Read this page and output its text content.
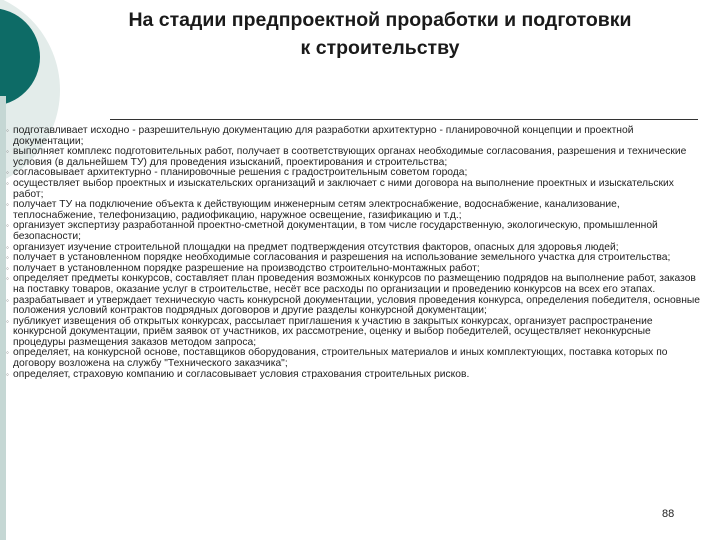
На стадии предпроектной проработки и подготовки
к строительству
◦ подготавливает исходно - разрешительную документацию для разработки архитектурно - планировочной концепции и проектной документации;
◦ выполняет комплекс подготовительных работ, получает в соответствующих органах необходимые согласования, разрешения и технические условия (в дальнейшем ТУ) для проведения изысканий, проектирования и строительства;
◦ согласовывает архитектурно - планировочные решения с градостроительным советом города;
◦ осуществляет выбор проектных и изыскательских организаций и заключает с ними договора на выполнение проектных и изыскательских работ;
◦ получает ТУ на подключение объекта к действующим инженерным сетям электроснабжение, водоснабжение, канализование, теплоснабжение, телефонизацию, радиофикацию, наружное освещение, газификацию и т.д.;
◦ организует экспертизу разработанной проектно-сметной документации, в том числе государственную, экологическую, промышленной безопасности;
◦ организует изучение строительной площадки на предмет подтверждения отсутствия факторов, опасных для здоровья людей;
◦ получает в установленном порядке необходимые согласования и разрешения на использование земельного участка для строительства;
◦ получает в установленном порядке разрешение на производство строительно-монтажных работ;
◦ определяет предметы конкурсов, составляет план проведения возможных конкурсов по размещению подрядов на выполнение работ, заказов на поставку товаров, оказание услуг в строительстве, несёт все расходы по организации и проведению конкурсов на всех его этапах.
◦ разрабатывает и утверждает техническую часть конкурсной документации, условия проведения конкурса, определения победителя, основные положения условий контрактов подрядных договоров и другие разделы конкурсной документации;
◦ публикует извещения об открытых конкурсах, рассылает приглашения к участию в закрытых конкурсах, организует распространение конкурсной документации, приём заявок от участников, их рассмотрение, оценку и выбор победителей, осуществляет неконкурсные процедуры размещения заказов методом запроса;
◦ определяет, на конкурсной основе, поставщиков оборудования, строительных материалов и иных комплектующих, поставка которых по договору возложена на службу "Технического заказчика";
◦ определяет, страховую компанию и согласовывает условия страхования строительных рисков.
88
